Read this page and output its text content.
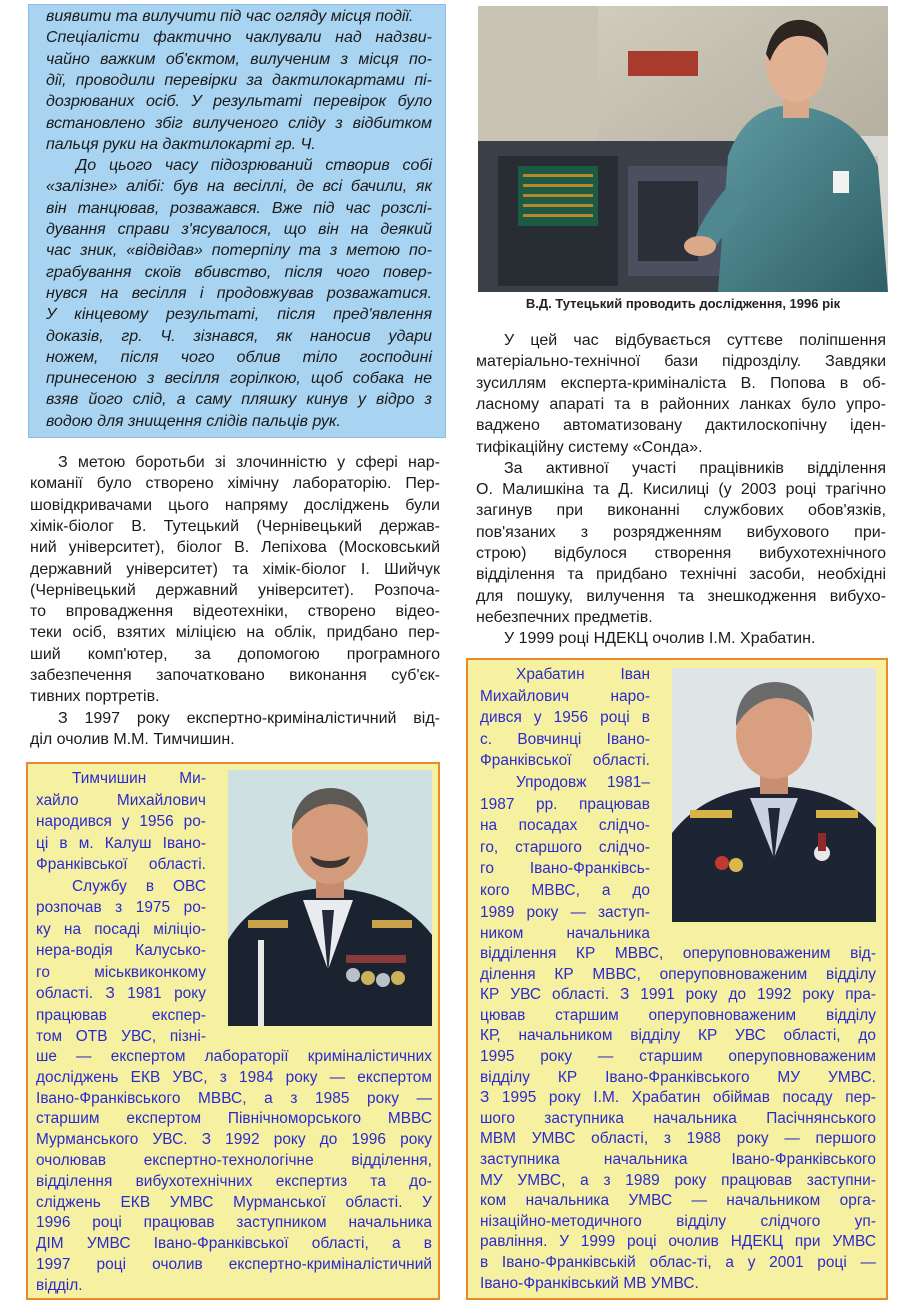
В.Д. Тутецький проводить дослідження, 1996 рік
виявити та вилучити під час огляду місця події.
Спеціалісти фактично чаклували над надзви-
чайно важким об'єктом, вилученим з місця по-
дії, проводили перевірки за дактилокартами пі-
дозрюваних осіб. У результаті перевірок було
встановлено збіг вилученого сліду з відбитком
пальця руки на дактилокарті гр. Ч.
До цього часу підозрюваний створив собі
«залізне» алібі: був на весіллі, де всі бачили, як
він танцював, розважався. Вже під час розслі-
дування справи з'ясувалося, що він на деякий
час зник, «відвідав» потерпілу та з метою по-
грабування скоїв вбивство, після чого повер-
нувся на весілля і продовжував розважатися.
У кінцевому результаті, після пред'явлення
доказів, гр. Ч. зізнався, як наносив удари
ножем, після чого облив тіло господині
принесеною з весілля горілкою, щоб собака не
взяв його слід, а саму пляшку кинув у відро з
водою для знищення слідів пальців рук.
З метою боротьби зі злочинністю у сфері нар-
команії було створено хімічну лабораторію. Пер-
шовідкривачами цього напряму досліджень були
хімік-біолог В. Тутецький (Чернівецький держав-
ний університет), біолог В. Лепіхова (Московський
державний університет) та хімік-біолог І. Шийчук
(Чернівецький державний університет). Розпоча-
то впровадження відеотехніки, створено відео-
теки осіб, взятих міліцією на облік, придбано пер-
ший комп'ютер, за допомогою програмного
забезпечення започатковано виконання суб'єк-
тивних портретів.
З 1997 року експертно-криміналістичний від-
діл очолив М.М. Тимчишин.
У цей час відбувається суттєве поліпшення
матеріально-технічної бази підрозділу. Завдяки
зусиллям експерта-криміналіста В. Попова в об-
ласному апараті та в районних ланках було упро-
ваджено автоматизовану дактилоскопічну іден-
тифікаційну систему «Сонда».
За активної участі працівників відділення
О. Малишкіна та Д. Кисилиці (у 2003 році трагічно
загинув при виконанні службових обов'язків,
пов'язаних з розрядженням вибухового при-
строю) відбулося створення вибухотехнічного
відділення та придбано технічні засоби, необхідні
для пошуку, вилучення та знешкодження вибухо-
небезпечних предметів.
У 1999 році НДЕКЦ очолив І.М. Храбатин.
Тимчишин Ми-
хайло Михайлович
народився у 1956 ро-
ці в м. Калуш Івано-
Франківської області.
Службу в ОВС
розпочав з 1975 ро-
ку на посаді міліціо-
нера-водія Калусько-
го міськвиконкому
області. З 1981 року
працював експер-
том ОТВ УВС, пізні-
ше — експертом лабораторії криміналістичних
досліджень ЕКВ УВС, з 1984 року — експертом
Івано-Франківського МВВС, а з 1985 року —
старшим експертом Північноморського МВВС
Мурманського УВС. З 1992 року до 1996 року
очолював експертно-технологічне відділення,
відділення вибухотехнічних експертиз та до-
сліджень ЕКВ УМВС Мурманської області. У
1996 році працював заступником начальника
ДІМ УМВС Івано-Франківської області, а в
1997 році очолив експертно-криміналістичний
відділ.
Храбатин Іван
Михайлович наро-
дився у 1956 році в
с. Вовчинці Івано-
Франківської області.
Упродовж 1981–
1987 рр. працював
на посадах слідчо-
го, старшого слідчо-
го Івано-Франківсь-
кого МВВС, а до
1989 року — заступ-
ником начальника
відділення КР МВВС, оперуповноваженим від-
ділення КР МВВС, оперуповноваженим відділу
КР УВС області. З 1991 року до 1992 року пра-
цював старшим оперуповноваженим відділу
КР, начальником відділу КР УВС області, до
1995 року — старшим оперуповноваженим
відділу КР Івано-Франківського МУ УМВС.
З 1995 року І.М. Храбатин обіймав посаду пер-
шого заступника начальника Пасічнянського
МВМ УМВС області, з 1988 року — першого
заступника начальника Івано-Франківського
МУ УМВС, а з 1989 року працював заступни-
ком начальника УМВС — начальником орга-
нізаційно-методичного відділу слідчого уп-
равління. У 1999 році очолив НДЕКЦ при УМВС
в Івано-Франківській облас-ті, а у 2001 році —
Івано-Франківський МВ УМВС.
